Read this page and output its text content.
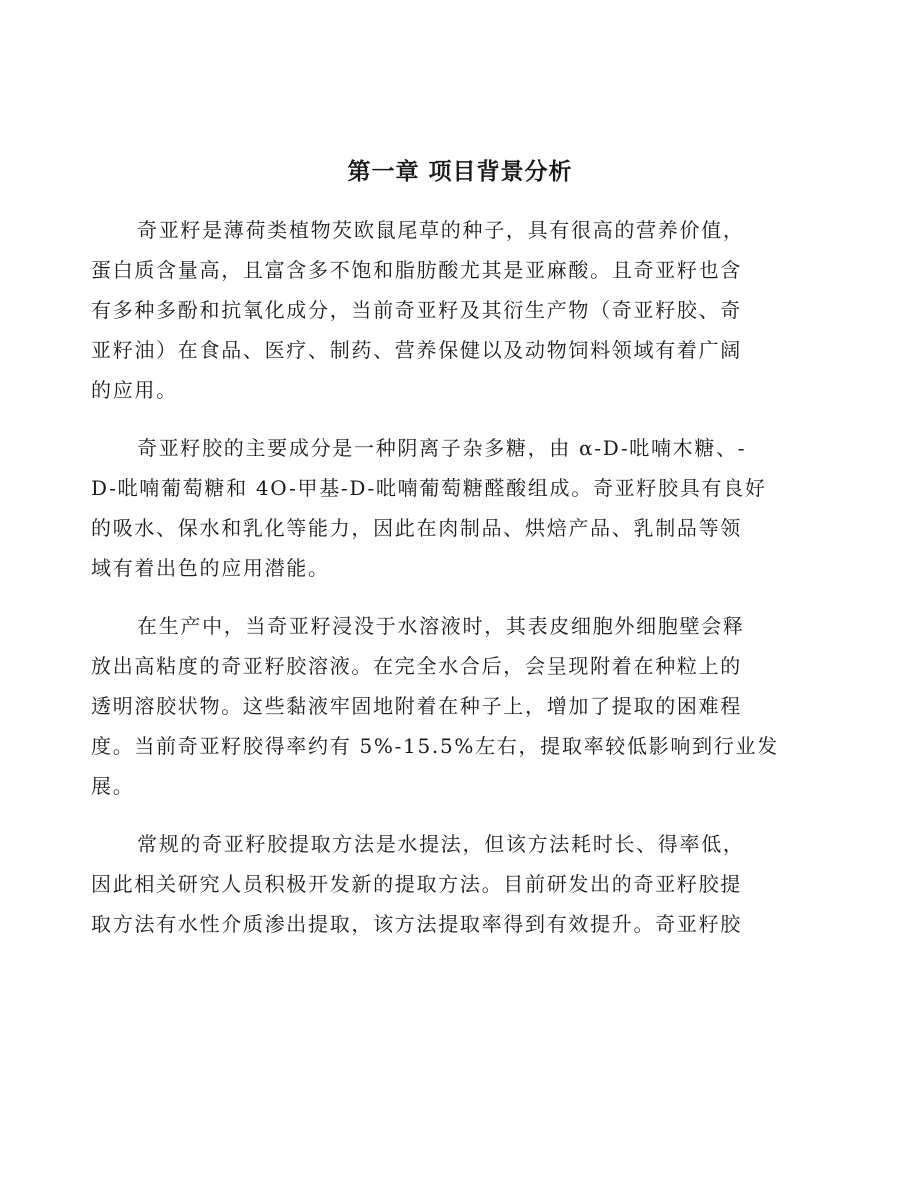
第一章 项目背景分析

奇亚籽是薄荷类植物芡欧鼠尾草的种子，具有很高的营养价值，
蛋白质含量高，且富含多不饱和脂肪酸尤其是亚麻酸。且奇亚籽也含
有多种多酚和抗氧化成分，当前奇亚籽及其衍生产物（奇亚籽胶、奇
亚籽油）在食品、医疗、制药、营养保健以及动物饲料领域有着广阔
的应用。

奇亚籽胶的主要成分是一种阴离子杂多糖，由 α-D-吡喃木糖、-
D-吡喃葡萄糖和 4O-甲基-D-吡喃葡萄糖醛酸组成。奇亚籽胶具有良好
的吸水、保水和乳化等能力，因此在肉制品、烘焙产品、乳制品等领
域有着出色的应用潜能。

在生产中，当奇亚籽浸没于水溶液时，其表皮细胞外细胞壁会释
放出高粘度的奇亚籽胶溶液。在完全水合后，会呈现附着在种粒上的
透明溶胶状物。这些黏液牢固地附着在种子上，增加了提取的困难程
度。当前奇亚籽胶得率约有 5%-15.5%左右，提取率较低影响到行业发
展。

常规的奇亚籽胶提取方法是水提法，但该方法耗时长、得率低，
因此相关研究人员积极开发新的提取方法。目前研发出的奇亚籽胶提
取方法有水性介质渗出提取，该方法提取率得到有效提升。奇亚籽胶
